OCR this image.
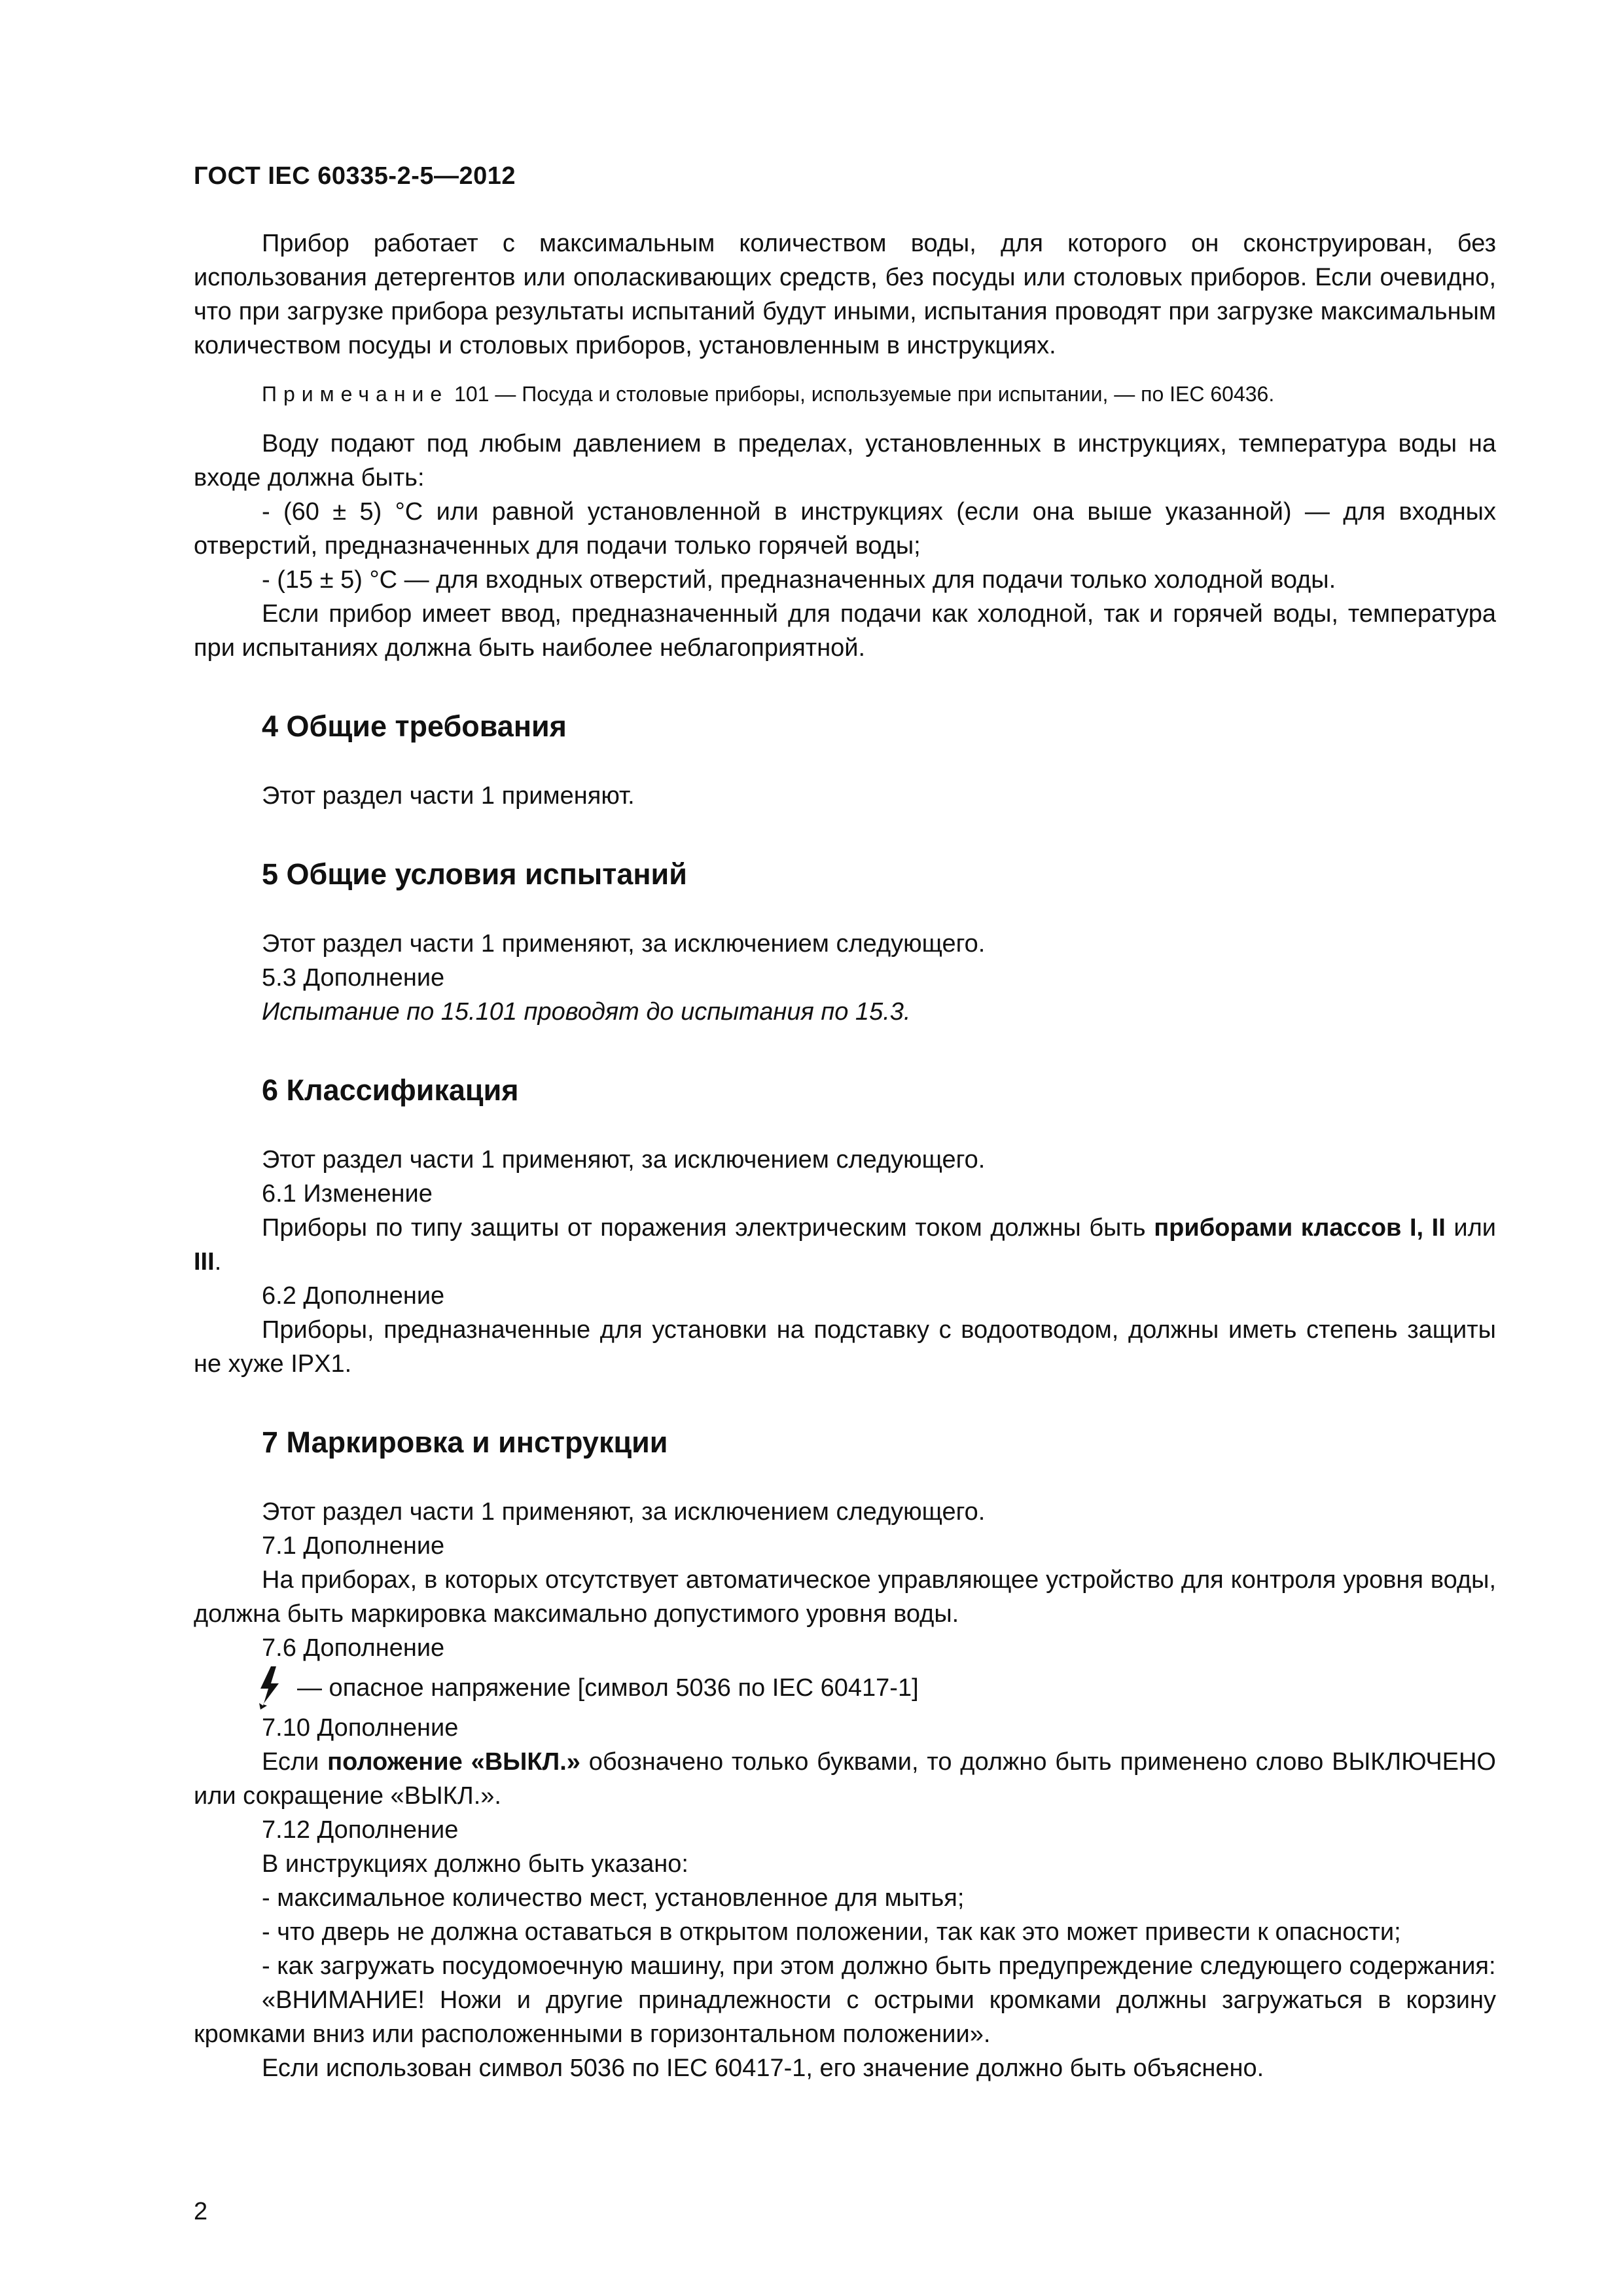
ГОСТ IEC 60335-2-5—2012

Прибор работает с максимальным количеством воды, для которого он сконструирован, без использования детергентов или ополаскивающих средств, без посуды или столовых приборов. Если очевидно, что при загрузке прибора результаты испытаний будут иными, испытания проводят при загрузке максимальным количеством посуды и столовых приборов, установленным в инструкциях.

Примечание 101 — Посуда и столовые приборы, используемые при испытании, — по IEC 60436.

Воду подают под любым давлением в пределах, установленных в инструкциях, температура воды на входе должна быть:

- (60 ± 5) °С или равной установленной в инструкциях (если она выше указанной) — для входных отверстий, предназначенных для подачи только горячей воды;

- (15 ± 5) °С — для входных отверстий, предназначенных для подачи только холодной воды.

Если прибор имеет ввод, предназначенный для подачи как холодной, так и горячей воды, температура при испытаниях должна быть наиболее неблагоприятной.

4 Общие требования

Этот раздел части 1 применяют.

5 Общие условия испытаний

Этот раздел части 1 применяют, за исключением следующего.

5.3 Дополнение

Испытание по 15.101 проводят до испытания по 15.3.

6 Классификация

Этот раздел части 1 применяют, за исключением следующего.

6.1 Изменение

Приборы по типу защиты от поражения электрическим током должны быть приборами классов I, II или III.

6.2 Дополнение

Приборы, предназначенные для установки на подставку с водоотводом, должны иметь степень защиты не хуже IPX1.

7 Маркировка и инструкции

Этот раздел части 1 применяют, за исключением следующего.

7.1 Дополнение

На приборах, в которых отсутствует автоматическое управляющее устройство для контроля уровня воды, должна быть маркировка максимально допустимого уровня воды.

7.6 Дополнение

— опасное напряжение [символ 5036 по IEC 60417-1]

7.10 Дополнение

Если положение «ВЫКЛ.» обозначено только буквами, то должно быть применено слово ВЫКЛЮЧЕНО или сокращение «ВЫКЛ.».

7.12 Дополнение

В инструкциях должно быть указано:

- максимальное количество мест, установленное для мытья;

- что дверь не должна оставаться в открытом положении, так как это может привести к опасности;

- как загружать посудомоечную машину, при этом должно быть предупреждение следующего содержания:

«ВНИМАНИЕ! Ножи и другие принадлежности с острыми кромками должны загружаться в корзину кромками вниз или расположенными в горизонтальном положении».

Если использован символ 5036 по IEC 60417-1, его значение должно быть объяснено.

2
